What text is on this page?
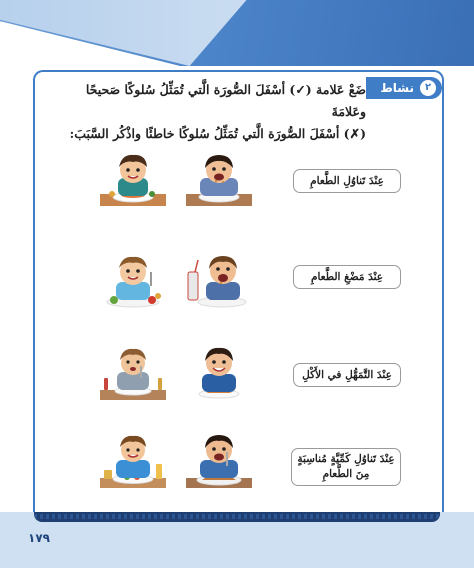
٢
نشاط
ضَعْ عَلامة (✓) أسْفَلَ الصُّورَة الَّتي تُمَثِّلُ سُلوكًا صَحيحًا وعَلامَةَ
(✗) أسْفَلَ الصُّورَة الَّتي تُمَثِّلُ سُلوكًا خاطئًا واذْكُر السَّبَبَ:
عِنْدَ تَناوُلِ الطَّعامِ
عِنْدَ مَضْغِ الطَّعامِ
عِنْدَ التَّمَهُّلِ في الأَكْلِ
عِنْدَ تَناوُلِ كَمِّيَّةٍ مُناسِبَةٍ مِنَ الطَّعامِ
١٧٩
